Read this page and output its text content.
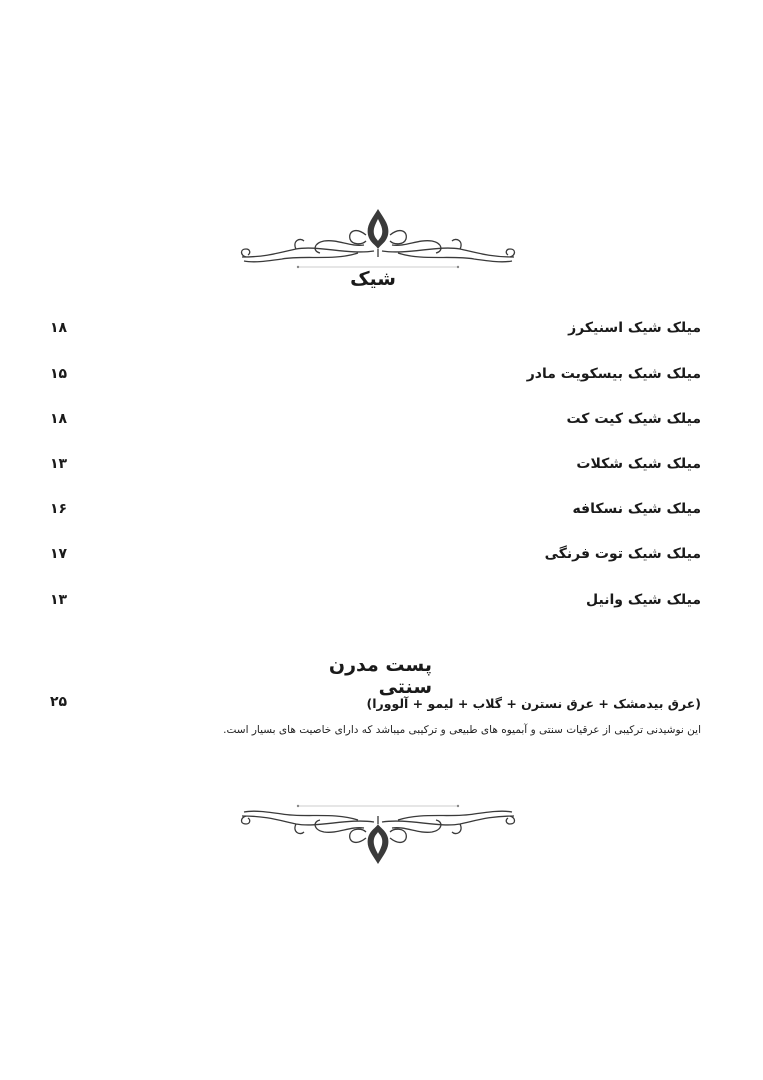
شیک
میلک شیک اسنیکرز
۱۸
میلک شیک بیسکویت مادر
۱۵
میلک شیک کیت کت
۱۸
میلک شیک شکلات
۱۳
میلک شیک نسکافه
۱۶
میلک شیک توت فرنگی
۱۷
میلک شیک وانیل
۱۳
پست مدرن سنتی
(عرق بیدمشک + عرق نسترن + گلاب + لیمو + آلوورا)
۲۵
این نوشیدنی ترکیبی از عرقیات سنتی و آبمیوه های طبیعی و ترکیبی میباشد که دارای خاصیت های بسیار است.
